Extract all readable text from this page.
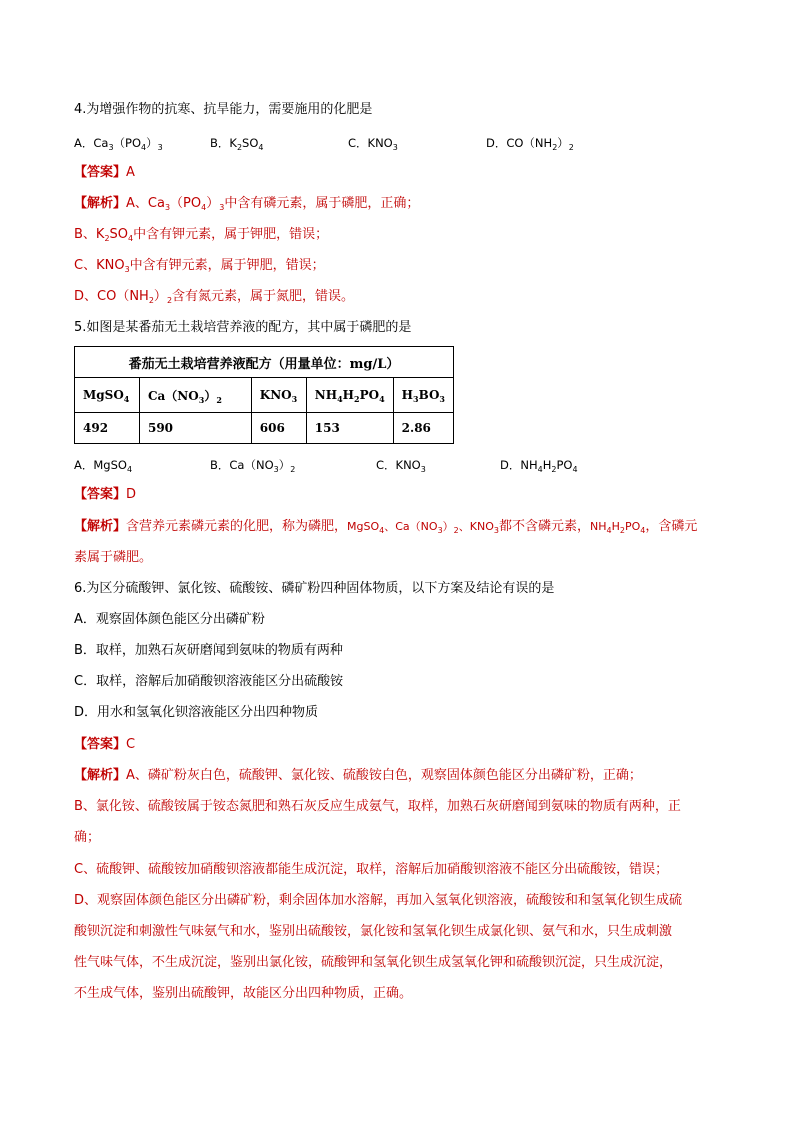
4.为增强作物的抗寒、抗旱能力，需要施用的化肥是
A．$Ca_3(PO_4)_3$	B．$K_2SO_4$	C．$KNO_3$	D．$CO(NH_2)_2$
【答案】A
【解析】A、$Ca_3(PO_4)_3$中含有磷元素，属于磷肥，正确；
B、$K_2SO_4$中含有钾元素，属于钾肥，错误；
C、$KNO_3$中含有钾元素，属于钾肥，错误；
D、$CO(NH_2)_2$含有氮元素，属于氮肥，错误。
5.如图是某番茄无土栽培营养液的配方，其中属于磷肥的是
番茄无土栽培营养液配方（用量单位：mg/L）				
MgSO$_4$	$Ca(NO_3)_2$	$KNO_3$	$NH_4H_2PO_4$	$H_3BO_3$
492	590	606	153	2.86
A．MgSO$_4$	B．$Ca(NO_3)_2$	C．$KNO_3$	D．$NH_4H_2PO_4$
【答案】D
【解析】含营养元素磷元素的化肥，称为磷肥，MgSO$_4$、$Ca(NO_3)_2$、$KNO_3$都不含磷元素，$NH_4H_2PO_4$，含磷元
素属于磷肥。
6.为区分硫酸钾、氯化铵、硫酸铵、磷矿粉四种固体物质，以下方案及结论有误的是
A．观察固体颜色能区分出磷矿粉
B．取样，加熟石灰研磨闻到氨味的物质有两种
C．取样，溶解后加硝酸钡溶液能区分出硫酸铵
D．用水和氢氧化钡溶液能区分出四种物质
【答案】C
【解析】A、磷矿粉灰白色，硫酸钾、氯化铵、硫酸铵白色，观察固体颜色能区分出磷矿粉，正确；
B、氯化铵、硫酸铵属于铵态氮肥和熟石灰反应生成氨气，取样，加熟石灰研磨闻到氨味的物质有两种，正
确；
C、硫酸钾、硫酸铵加硝酸钡溶液都能生成沉淀，取样，溶解后加硝酸钡溶液不能区分出硫酸铵，错误；
D、观察固体颜色能区分出磷矿粉，剩余固体加水溶解，再加入氢氧化钡溶液，硫酸铵和和氢氧化钡生成硫
酸钡沉淀和刺激性气味氨气和水，鉴别出硫酸铵，氯化铵和氢氧化钡生成氯化钡、氨气和水，只生成刺激
性气味气体，不生成沉淀，鉴别出氯化铵，硫酸钾和氢氧化钡生成氢氧化钾和硫酸钡沉淀，只生成沉淀，
不生成气体，鉴别出硫酸钾，故能区分出四种物质，正确。
